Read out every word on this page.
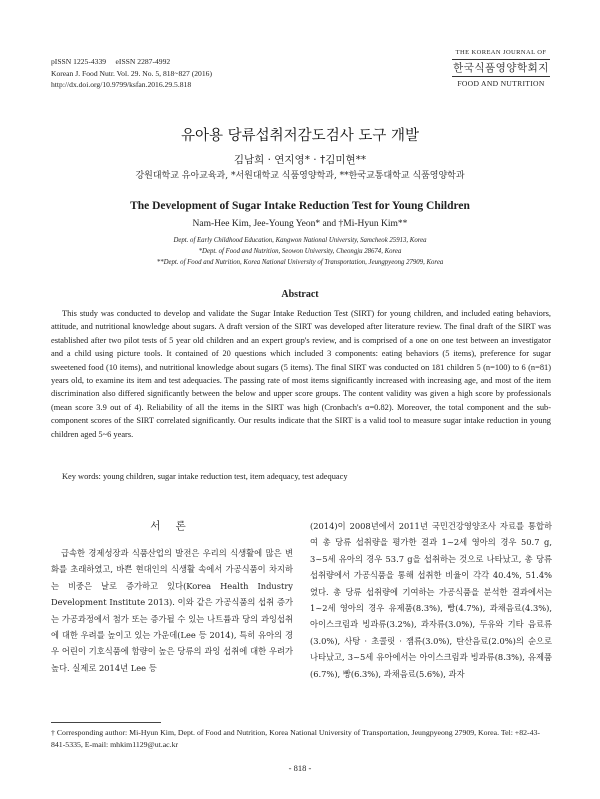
pISSN 1225-4339     eISSN 2287-4992
Korean J. Food Nutr. Vol. 29. No. 5, 818~827 (2016)
http://dx.doi.org/10.9799/ksfan.2016.29.5.818
THE KOREAN JOURNAL OF
한국식품영양학회지
FOOD AND NUTRITION
유아용 당류섭취저감도검사 도구 개발
김남희 · 연지영* · †김미현**
강원대학교 유아교육과, *서원대학교 식품영양학과, **한국교통대학교 식품영양학과
The Development of Sugar Intake Reduction Test for Young Children
Nam-Hee Kim, Jee-Young Yeon* and †Mi-Hyun Kim**
Dept. of Early Childhood Education, Kangwon National University, Samcheok 25913, Korea
*Dept. of Food and Nutrition, Seowon University, Cheongju 28674, Korea
**Dept. of Food and Nutrition, Korea National University of Transportation, Jeungpyeong 27909, Korea
Abstract
This study was conducted to develop and validate the Sugar Intake Reduction Test (SIRT) for young children, and included eating behaviors, attitude, and nutritional knowledge about sugars. A draft version of the SIRT was developed after literature review. The final draft of the SIRT was established after two pilot tests of 5 year old children and an expert group's review, and is comprised of a one on one test between an investigator and a child using picture tools. It contained of 20 questions which included 3 components: eating behaviors (5 items), preference for sugar sweetened food (10 items), and nutritional knowledge about sugars (5 items). The final SIRT was conducted on 181 children 5 (n=100) to 6 (n=81) years old, to examine its item and test adequacies. The passing rate of most items significantly increased with increasing age, and most of the item discrimination also differed significantly between the below and upper score groups. The content validity was given a high score by professionals (mean score 3.9 out of 4). Reliability of all the items in the SIRT was high (Cronbach's α=0.82). Moreover, the total component and the sub-component scores of the SIRT correlated significantly. Our results indicate that the SIRT is a valid tool to measure sugar intake reduction in young children aged 5~6 years.
Key words: young children, sugar intake reduction test, item adequacy, test adequacy
서 론
급속한 경제성장과 식품산업의 발전은 우리의 식생활에 많은 변화를 초래하였고, 바쁜 현대인의 식생활 속에서 가공식품이 차지하는 비중은 날로 증가하고 있다(Korea Health Industry Development Institute 2013). 이와 같은 가공식품의 섭취 증가는 가공과정에서 첨가 또는 증가될 수 있는 나트륨과 당의 과잉섭취에 대한 우려를 높이고 있는 가운데(Lee 등 2014), 특히 유아의 경우 어린이 기호식품에 함량이 높은 당류의 과잉 섭취에 대한 우려가 높다. 실제로 2014년 Lee 등
(2014)이 2008년에서 2011년 국민건강영양조사 자료를 통합하여 총 당류 섭취량을 평가한 결과 1~2세 영아의 경우 50.7 g, 3~5세 유아의 경우 53.7 g을 섭취하는 것으로 나타났고, 총 당류 섭취량에서 가공식품을 통해 섭취한 비율이 각각 40.4%, 51.4%였다. 총 당류 섭취량에 기여하는 가공식품을 분석한 결과에서는 1~2세 영아의 경우 유제품(8.3%), 빵(4.7%), 과채음료(4.3%), 아이스크림과 빙과류(3.2%), 과자류(3.0%), 두유와 기타 음료류(3.0%), 사탕 · 초콜릿 · 잼류(3.0%), 탄산음료(2.0%)의 순으로 나타났고, 3~5세 유아에서는 아이스크림과 빙과류(8.3%), 유제품(6.7%), 빵(6.3%), 과채음료(5.6%), 과자
† Corresponding author: Mi-Hyun Kim, Dept. of Food and Nutrition, Korea National University of Transportation, Jeungpyeong 27909, Korea. Tel: +82-43-841-5335, E-mail: mhkim1129@ut.ac.kr
- 818 -
